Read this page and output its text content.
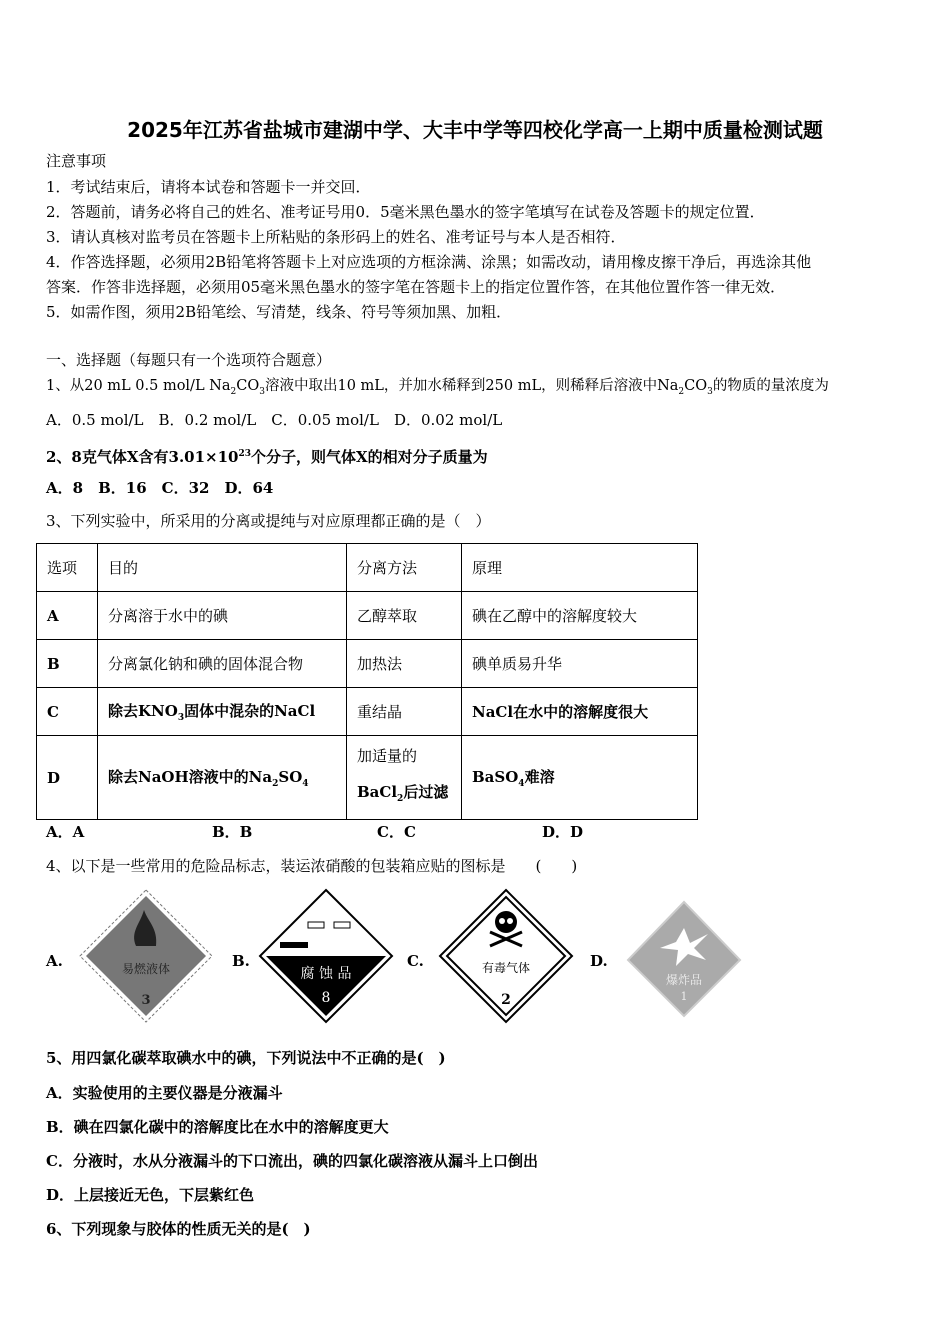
2025年江苏省盐城市建湖中学、大丰中学等四校化学高一上期中质量检测试题
注意事项
1．考试结束后，请将本试卷和答题卡一并交回．
2．答题前，请务必将自己的姓名、准考证号用0．5毫米黑色墨水的签字笔填写在试卷及答题卡的规定位置．
3．请认真核对监考员在答题卡上所粘贴的条形码上的姓名、准考证号与本人是否相符．
4．作答选择题，必须用2B铅笔将答题卡上对应选项的方框涂满、涂黑；如需改动，请用橡皮擦干净后，再选涂其他
答案．作答非选择题，必须用05毫米黑色墨水的签字笔在答题卡上的指定位置作答，在其他位置作答一律无效．
5．如需作图，须用2B铅笔绘、写清楚，线条、符号等须加黑、加粗．
一、选择题（每题只有一个选项符合题意）
1、从20 mL 0.5 mol/L $Na_2CO_3$溶液中取出10 mL，并加水稀释到250 mL，则稀释后溶液中$Na_2CO_3$的物质的量浓度为
A．0.5 mol/L　B．0.2 mol/L　C．0.05 mol/L　D．0.02 mol/L
2、8克气体X含有$3.01\times 10^{23}$个分子，则气体X的相对分子质量为
A．8　B．16　C．32　D．64
3、下列实验中，所采用的分离或提纯与对应原理都正确的是（　）
选项	目的	分离方法	原理
A	分离溶于水中的碘	乙醇萃取	碘在乙醇中的溶解度较大
B	分离氯化钠和碘的固体混合物	加热法	碘单质易升华
C	除去$KNO_3$固体中混杂的NaCl	重结晶	NaCl在水中的溶解度很大
D	除去NaOH溶液中的$Na_2SO_4$	加适量的
BaCl$_2$后过滤	BaSO$_4$难溶
A．A	B．B	C．C	D．D
4、以下是一些常用的危险品标志，装运浓硝酸的包装箱应贴的图标是　　(　　)
A.	B.	C.	D.
易燃液体
3
腐 蚀 品
8
有毒气体
2
爆炸品
1
5、用四氯化碳萃取碘水中的碘，下列说法中不正确的是(　)
A．实验使用的主要仪器是分液漏斗
B．碘在四氯化碳中的溶解度比在水中的溶解度更大
C．分液时，水从分液漏斗的下口流出，碘的四氯化碳溶液从漏斗上口倒出
D．上层接近无色，下层紫红色
6、下列现象与胶体的性质无关的是(　)
